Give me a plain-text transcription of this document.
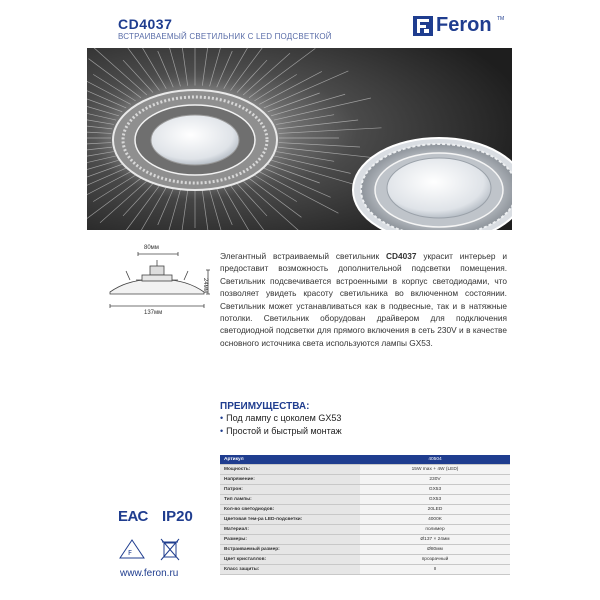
CD4037
ВСТРАИВАЕМЫЙ СВЕТИЛЬНИК С LED ПОДСВЕТКОЙ
Feron TM
80мм
24мм
137мм
Элегантный встраиваемый светильник CD4037 украсит интерьер и предоставит возможность дополнительной подсветки помещения. Светильник подсвечивается встроенными в корпус светодиодами, что позволяет увидеть красоту светильника во включенном состоянии. Светильник может устанавливаться как в подвесные, так и в натяжные потолки. Светильник оборудован драйвером для подключения светодиодной подсветки для прямого включения в сеть 230V и в качестве основного источника света используются лампы GX53.
ПРЕИМУЩЕСТВА:
• Под лампу с цоколем GX53
• Простой и быстрый монтаж
Артикул	40504
Мощность:	15W max + 4W (LED)
Напряжение:	230V
Патрон:	GX53
Тип лампы:	GX53
Кол-во светодиодов:	20LED
Цветовая тем-ра LED-подсветки:	4000K
Материал:	полимер
Размеры:	Ø137 × 24мм
Встраиваемый размер:	Ø80мм
Цвет кристаллов:	прозрачный
Класс защиты:	II
ЕАС IP20
F
www.feron.ru
